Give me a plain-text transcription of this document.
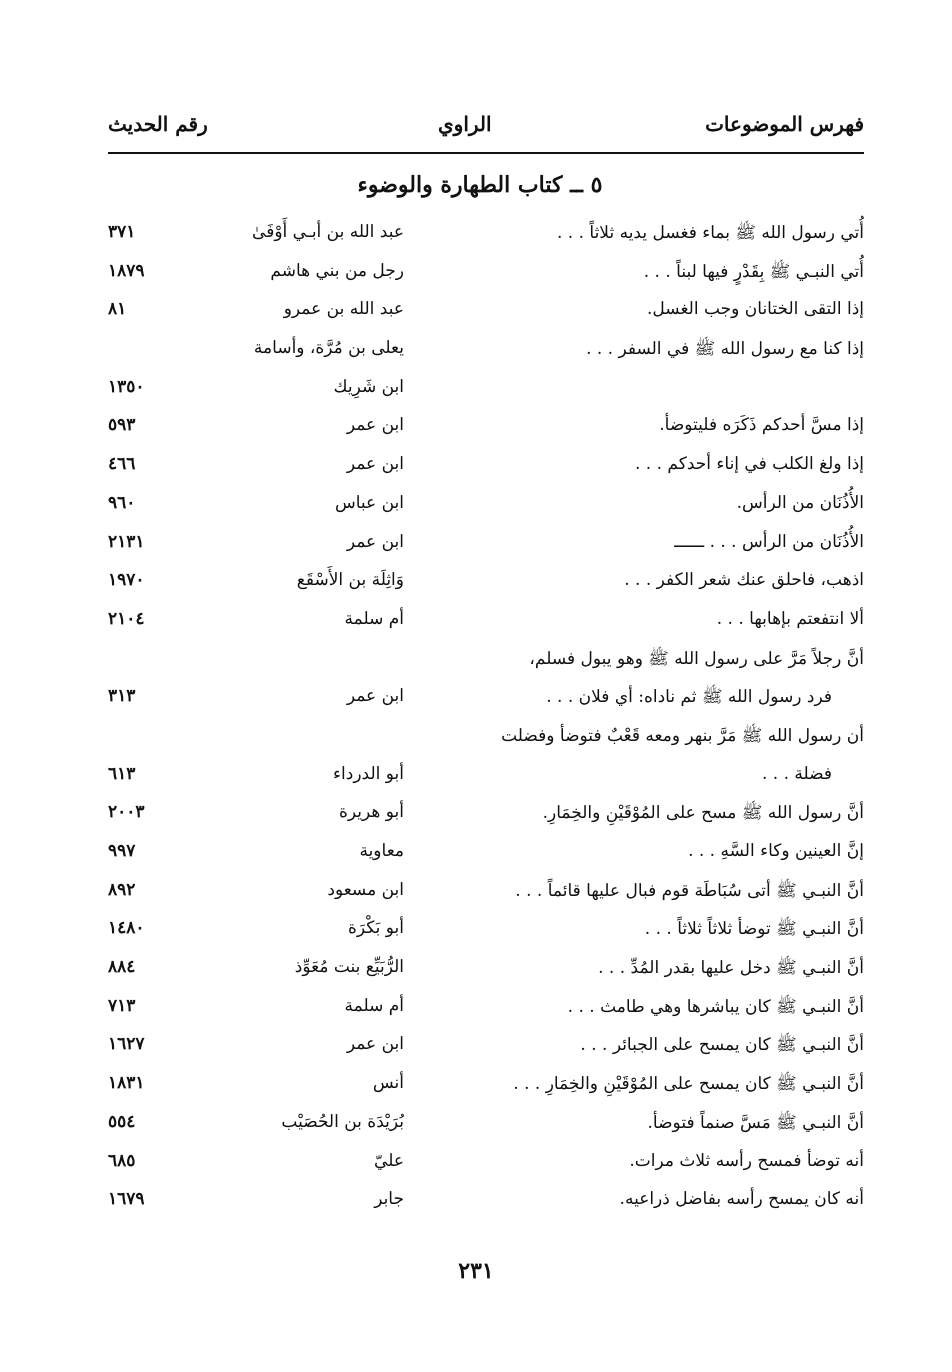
فهرس الموضوعات
الراوي
رقم الحديث
٥ ــ كتاب الطهارة والوضوء
أُتي رسول الله ﷺ بماء فغسل يديه ثلاثاً . . .
عبد الله بن أبـي أَوْفَىٰ
٣٧١
أُتي النبـي ﷺ بِقَدْرٍ فيها لبناً . . .
رجل من بني هاشم
١٨٧٩
إذا التقى الختانان وجب الغسل.
عبد الله بن عمرو
٨١
إذا كنا مع رسول الله ﷺ في السفر . . .
يعلى بن مُرَّة، وأسامة
ابن شَرِيك
١٣٥٠
إذا مسَّ أحدكم ذَكَرَه فليتوضأ.
ابن عمر
٥٩٣
إذا ولغ الكلب في إناء أحدكم . . .
ابن عمر
٤٦٦
الأُذُنَان من الرأس.
ابن عباس
٩٦٠
الأُذُنَان من الرأس . . . ــــــ
ابن عمر
٢١٣١
اذهب، فاحلق عنك شعر الكفر . . .
وَاثِلَة بن الأَسْقَع
١٩٧٠
ألا انتفعتم بإهابها . . .
أم سلمة
٢١٠٤
أنَّ رجلاً مَرَّ على رسول الله ﷺ وهو يبول فسلم،
فرد رسول الله ﷺ ثم ناداه: أي فلان . . .
ابن عمر
٣١٣
أن رسول الله ﷺ مَرَّ بنهر ومعه قَعْبٌ فتوضأ وفضلت
فضلة . . .
أبو الدرداء
٦١٣
أنَّ رسول الله ﷺ مسح على المُوْقَيْنِ والخِمَارِ.
أبو هريرة
٢٠٠٣
إنَّ العينين وكاء السَّهِ . . .
معاوية
٩٩٧
أنَّ النبـي ﷺ أتى سُبَاطَة قوم فبال عليها قائماً . . .
ابن مسعود
٨٩٢
أنَّ النبـي ﷺ توضأ ثلاثاً ثلاثاً . . .
أبو بَكْرَة
١٤٨٠
أنَّ النبـي ﷺ دخل عليها بقدر المُدِّ . . .
الرُّبَيِّع بنت مُعَوِّذ
٨٨٤
أنَّ النبـي ﷺ كان يباشرها وهي طامث . . .
أم سلمة
٧١٣
أنَّ النبـي ﷺ كان يمسح على الجبائر . . .
ابن عمر
١٦٢٧
أنَّ النبـي ﷺ كان يمسح على المُوْقَيْنِ والخِمَارِ . . .
أنس
١٨٣١
أنَّ النبـي ﷺ مَسَّ صنماً فتوضأ.
بُرَيْدَة بن الحُصَيْب
٥٥٤
أنه توضأ فمسح رأسه ثلاث مرات.
عليّ
٦٨٥
أنه كان يمسح رأسه بفاضل ذراعيه.
جابر
١٦٧٩
٢٣١
